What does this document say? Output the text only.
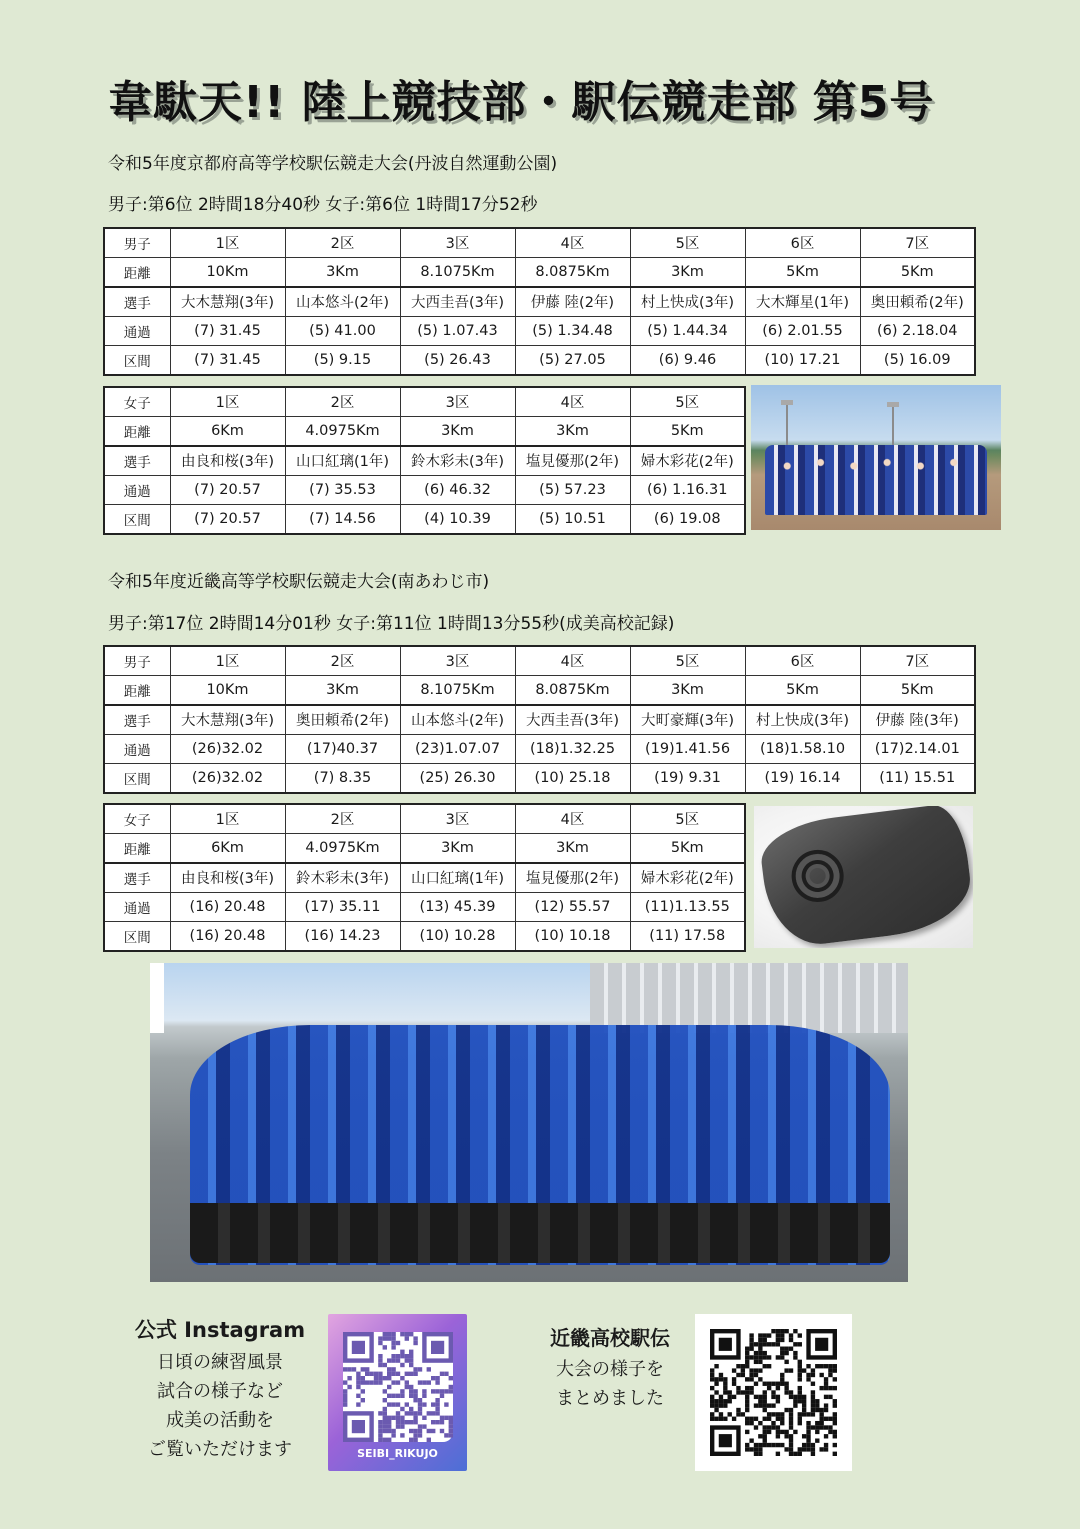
韋駄天!! 陸上競技部・駅伝競走部 第5号
令和5年度京都府高等学校駅伝競走大会(丹波自然運動公園)
男子:第6位 2時間18分40秒 女子:第6位 1時間17分52秒
男子	1区	2区	3区	4区	5区	6区	7区
距離	10Km	3Km	8.1075Km	8.0875Km	3Km	5Km	5Km
選手	大木慧翔(3年)	山本悠斗(2年)	大西圭吾(3年)	伊藤 陸(2年)	村上快成(3年)	大木輝星(1年)	奥田頼希(2年)
通過	(7) 31.45	(5) 41.00	(5) 1.07.43	(5) 1.34.48	(5) 1.44.34	(6) 2.01.55	(6) 2.18.04
区間	(7) 31.45	(5) 9.15	(5) 26.43	(5) 27.05	(6) 9.46	(10) 17.21	(5) 16.09
女子	1区	2区	3区	4区	5区
距離	6Km	4.0975Km	3Km	3Km	5Km
選手	由良和桜(3年)	山口紅璃(1年)	鈴木彩未(3年)	塩見優那(2年)	婦木彩花(2年)
通過	(7) 20.57	(7) 35.53	(6) 46.32	(5) 57.23	(6) 1.16.31
区間	(7) 20.57	(7) 14.56	(4) 10.39	(5) 10.51	(6) 19.08
令和5年度近畿高等学校駅伝競走大会(南あわじ市)
男子:第17位 2時間14分01秒 女子:第11位 1時間13分55秒(成美高校記録)
男子	1区	2区	3区	4区	5区	6区	7区
距離	10Km	3Km	8.1075Km	8.0875Km	3Km	5Km	5Km
選手	大木慧翔(3年)	奥田頼希(2年)	山本悠斗(2年)	大西圭吾(3年)	大町豪輝(3年)	村上快成(3年)	伊藤 陸(3年)
通過	(26)32.02	(17)40.37	(23)1.07.07	(18)1.32.25	(19)1.41.56	(18)1.58.10	(17)2.14.01
区間	(26)32.02	(7) 8.35	(25) 26.30	(10) 25.18	(19) 9.31	(19) 16.14	(11) 15.51
女子	1区	2区	3区	4区	5区
距離	6Km	4.0975Km	3Km	3Km	5Km
選手	由良和桜(3年)	鈴木彩未(3年)	山口紅璃(1年)	塩見優那(2年)	婦木彩花(2年)
通過	(16) 20.48	(17) 35.11	(13) 45.39	(12) 55.57	(11)1.13.55
区間	(16) 20.48	(16) 14.23	(10) 10.28	(10) 10.18	(11) 17.58
公式 Instagram
日頃の練習風景
試合の様子など
成美の活動を
ご覧いただけます	SEIBI_RIKUJO
近畿高校駅伝
大会の様子を
まとめました
